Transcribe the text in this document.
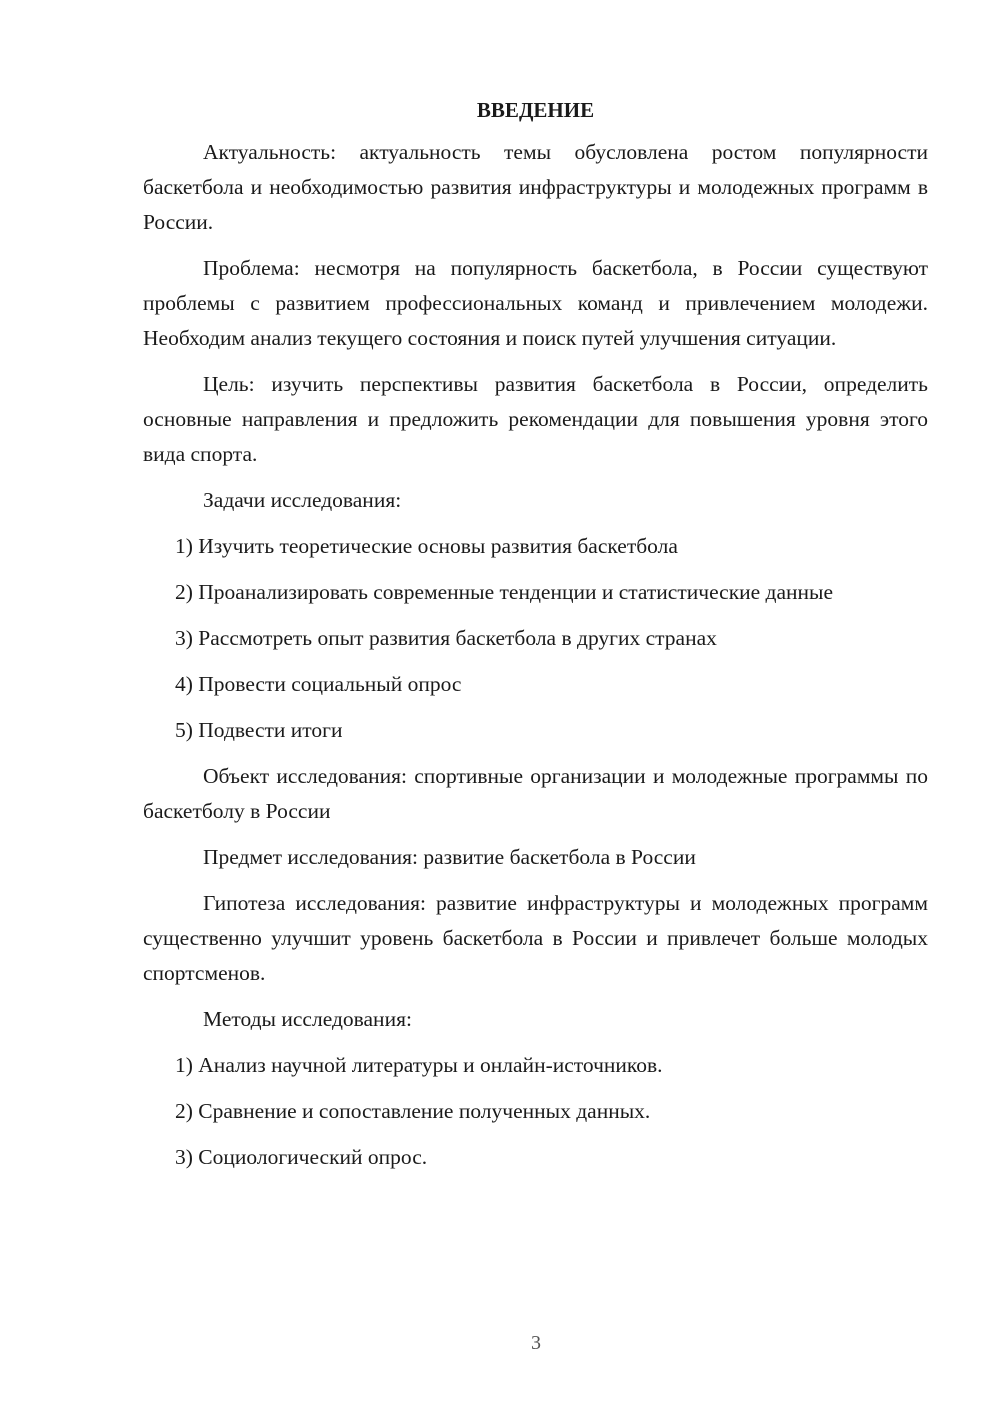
ВВЕДЕНИЕ

Актуальность: актуальность темы обусловлена ростом популярности баскетбола и необходимостью развития инфраструктуры и молодежных программ в России.

Проблема: несмотря на популярность баскетбола, в России существуют проблемы с развитием профессиональных команд и привлечением молодежи. Необходим анализ текущего состояния и поиск путей улучшения ситуации.

Цель: изучить перспективы развития баскетбола в России, определить основные направления и предложить рекомендации для повышения уровня этого вида спорта.

Задачи исследования:

1) Изучить теоретические основы развития баскетбола

2) Проанализировать современные тенденции и статистические данные

3) Рассмотреть опыт развития баскетбола в других странах

4) Провести социальный опрос

5) Подвести итоги

Объект исследования: спортивные организации и молодежные программы по баскетболу в России

Предмет исследования: развитие баскетбола в России

Гипотеза исследования: развитие инфраструктуры и молодежных программ существенно улучшит уровень баскетбола в России и привлечет больше молодых спортсменов.

Методы исследования:

1) Анализ научной литературы и онлайн-источников.

2) Сравнение и сопоставление полученных данных.

3) Социологический опрос.

3
